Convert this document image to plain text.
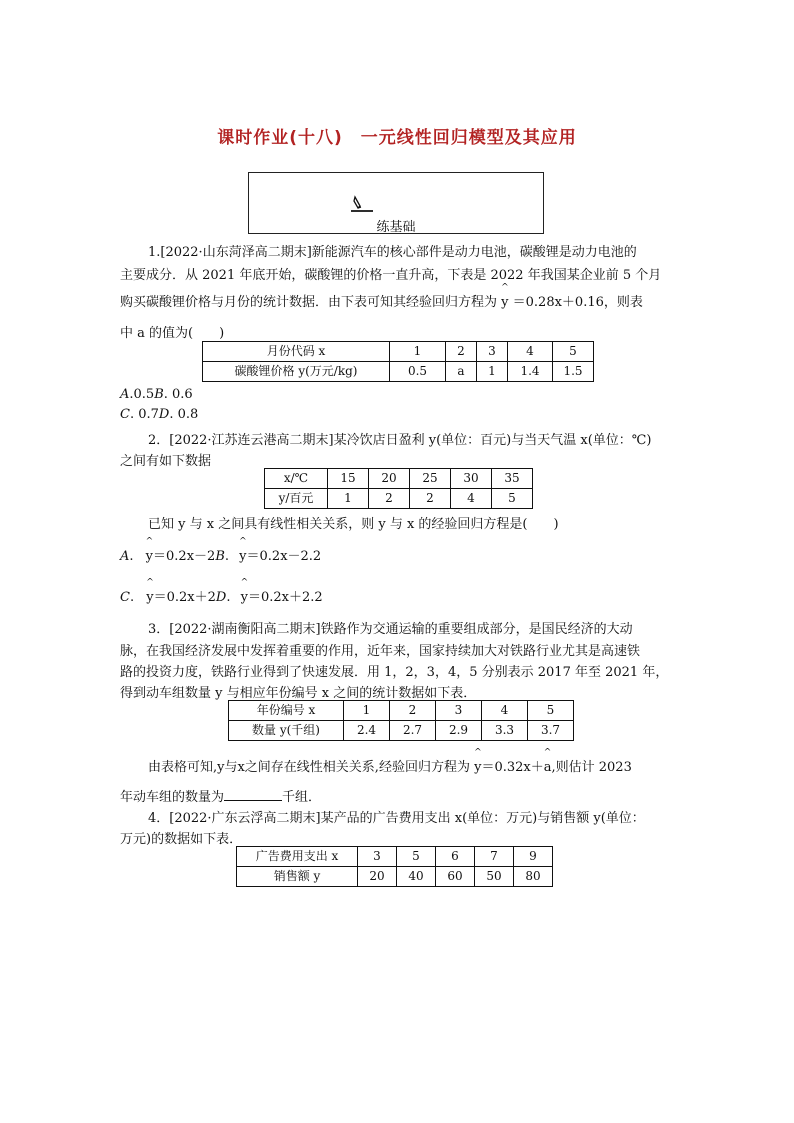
课时作业(十八)　一元线性回归模型及其应用
练基础
1.[2022·山东菏泽高二期末]新能源汽车的核心部件是动力电池，碳酸锂是动力电池的
主要成分．从 2021 年底开始，碳酸锂的价格一直升高，下表是 2022 年我国某企业前 5 个月
购买碳酸锂价格与月份的统计数据．由下表可知其经验回归方程为 ^ y ＝0.28x＋0.16，则表
中 a 的值为(　　)
月份代码 x	1	2	3	4	5
碳酸锂价格 y(万元/kg)	0.5	a	1	1.4	1.5
A.0.5B. 0.6
C. 0.7D. 0.8
2．[2022·江苏连云港高二期末]某冷饮店日盈利 y(单位：百元)与当天气温 x(单位：℃)
之间有如下数据
x/℃	15	20	25	30	35
y/百元	1	2	2	4	5
已知 y 与 x 之间具有线性相关关系，则 y 与 x 的经验回归方程是(　　)
A. ^ y＝0.2x－2B. ^ y＝0.2x－2.2
C. ^ y＝0.2x＋2D. ^ y＝0.2x＋2.2
3．[2022·湖南衡阳高二期末]铁路作为交通运输的重要组成部分，是国民经济的大动
脉，在我国经济发展中发挥着重要的作用，近年来，国家持续加大对铁路行业尤其是高速铁
路的投资力度，铁路行业得到了快速发展．用 1，2，3，4，5 分别表示 2017 年至 2021 年，
得到动车组数量 y 与相应年份编号 x 之间的统计数据如下表．
年份编号 x	1	2	3	4	5
数量 y(千组)	2.4	2.7	2.9	3.3	3.7
由表格可知,y与x之间存在线性相关关系,经验回归方程为 ^ y＝0.32x＋^ a,则估计 2023
年动车组的数量为	千组．
4．[2022·广东云浮高二期末]某产品的广告费用支出 x(单位：万元)与销售额 y(单位：
万元)的数据如下表．
广告费用支出 x	3	5	6	7	9
销售额 y	20	40	60	50	80
